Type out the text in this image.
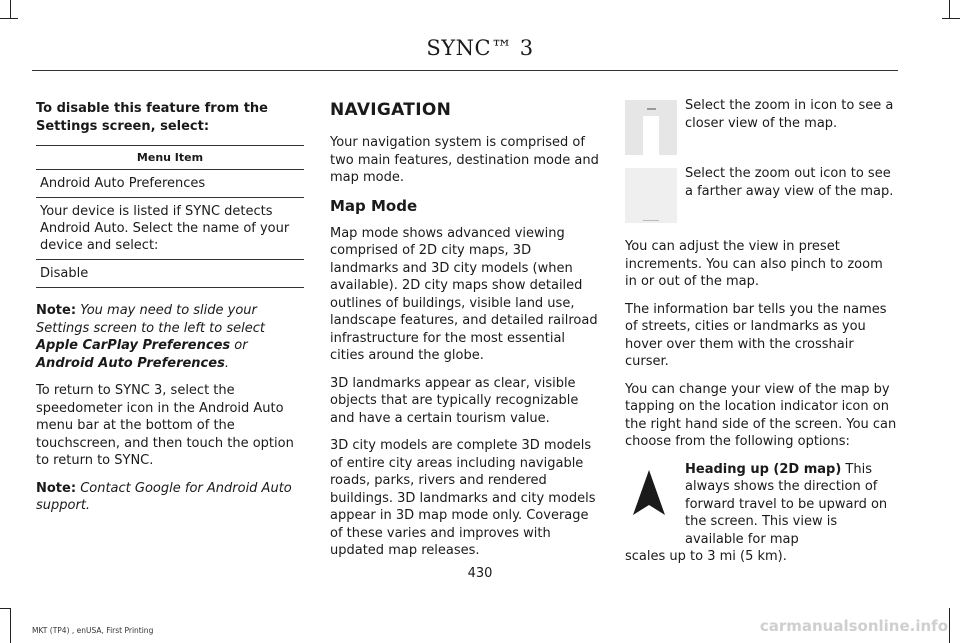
SYNC™ 3

To disable this feature from the Settings screen, select:

Menu Item
Android Auto Preferences
Your device is listed if SYNC detects Android Auto. Select the name of your device and select:
Disable

Note: You may need to slide your Settings screen to the left to select Apple CarPlay Preferences or Android Auto Preferences.

To return to SYNC 3, select the speedometer icon in the Android Auto menu bar at the bottom of the touchscreen, and then touch the option to return to SYNC.

Note: Contact Google for Android Auto support.

NAVIGATION

Your navigation system is comprised of two main features, destination mode and map mode.

Map Mode

Map mode shows advanced viewing comprised of 2D city maps, 3D landmarks and 3D city models (when available). 2D city maps show detailed outlines of buildings, visible land use, landscape features, and detailed railroad infrastructure for the most essential cities around the globe.

3D landmarks appear as clear, visible objects that are typically recognizable and have a certain tourism value.

3D city models are complete 3D models of entire city areas including navigable roads, parks, rivers and rendered buildings. 3D landmarks and city models appear in 3D map mode only. Coverage of these varies and improves with updated map releases.

Select the zoom in icon to see a closer view of the map.
Select the zoom out icon to see a farther away view of the map.

You can adjust the view in preset increments. You can also pinch to zoom in or out of the map.

The information bar tells you the names of streets, cities or landmarks as you hover over them with the crosshair curser.

You can change your view of the map by tapping on the location indicator icon on the right hand side of the screen. You can choose from the following options:

Heading up (2D map) This always shows the direction of forward travel to be upward on the screen. This view is available for map

scales up to 3 mi (5 km).

430
MKT (TP4) , enUSA, First Printing	carmanualsonline.info
